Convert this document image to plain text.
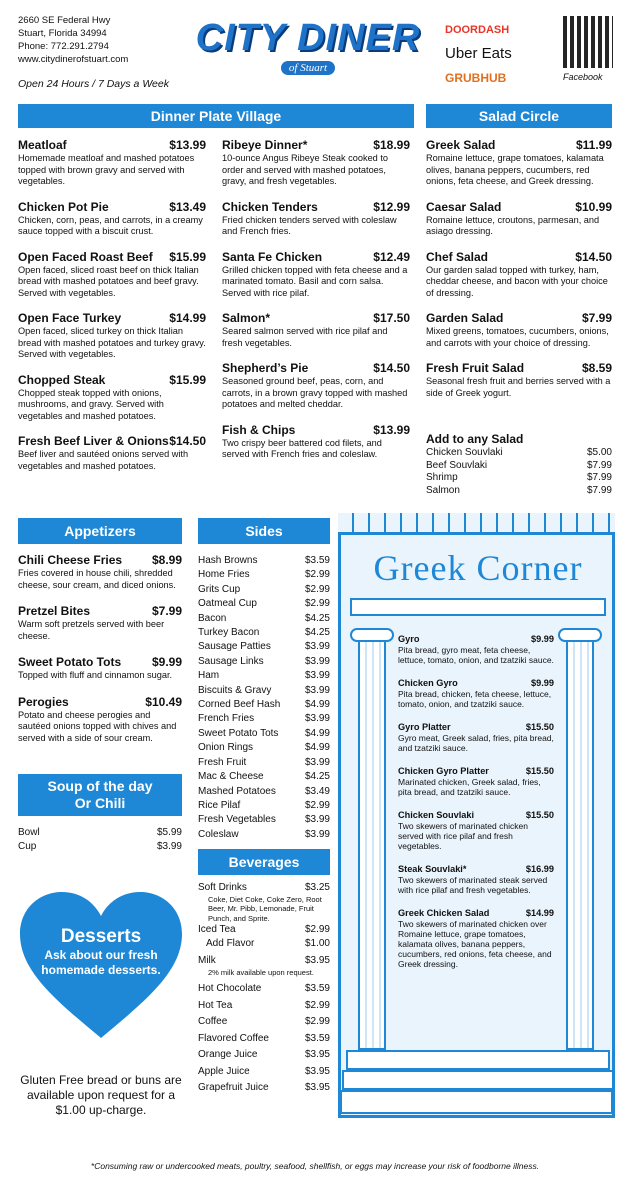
2660 SE Federal Hwy
Stuart, Florida 34994
Phone: 772.291.2794
www.citydinerofstuart.com
Open 24 Hours / 7 Days a Week
CITY DINER
of Stuart
DOORDASH
Uber Eats
GRUBHUB	Facebook
Dinner Plate Village
Meatloaf	$13.99
Homemade meatloaf and mashed potatoes topped with brown gravy and served with vegetables.
Chicken Pot Pie	$13.49
Chicken, corn, peas, and carrots, in a creamy sauce topped with a biscuit crust.
Open Faced Roast Beef $15.99
Open faced, sliced roast beef on thick Italian bread with mashed potatoes and beef gravy. Served with vegetables.
Open Face Turkey	$14.99
Open faced, sliced turkey on thick Italian bread with mashed potatoes and turkey gravy. Served with vegetables.
Chopped Steak	$15.99
Chopped steak topped with onions, mushrooms, and gravy. Served with vegetables and mashed potatoes.
Fresh Beef Liver & Onions $14.50
Beef liver and sautéed onions served with vegetables and mashed potatoes.
Ribeye Dinner*	$18.99
10-ounce Angus Ribeye Steak cooked to order and served with mashed potatoes, gravy, and fresh vegetables.
Chicken Tenders	$12.99
Fried chicken tenders served with coleslaw and French fries.
Santa Fe Chicken	$12.49
Grilled chicken topped with feta cheese and a marinated tomato. Basil and corn salsa. Served with rice pilaf.
Salmon*	$17.50
Seared salmon served with rice pilaf and fresh vegetables.
Shepherd’s Pie	$14.50
Seasoned ground beef, peas, corn, and carrots, in a brown gravy topped with mashed potatoes and melted cheddar.
Fish & Chips	$13.99
Two crispy beer battered cod filets, and served with French fries and coleslaw.
Salad Circle
Greek Salad	$11.99
Romaine lettuce, grape tomatoes, kalamata olives, banana peppers, cucumbers, red onions, feta cheese, and Greek dressing.
Caesar Salad	$10.99
Romaine lettuce, croutons, parmesan, and asiago dressing.
Chef Salad	$14.50
Our garden salad topped with turkey, ham, cheddar cheese, and bacon with your choice of dressing.
Garden Salad	$7.99
Mixed greens, tomatoes, cucumbers, onions, and carrots with your choice of dressing.
Fresh Fruit Salad	$8.59
Seasonal fresh fruit and berries served with a side of Greek yogurt.
Add to any Salad
Chicken Souvlaki	$5.00
Beef Souvlaki	$7.99
Shrimp	$7.99
Salmon	$7.99
Appetizers
Chili Cheese Fries $8.99
Fries covered in house chili, shredded cheese, sour cream, and diced onions.
Pretzel Bites	$7.99
Warm soft pretzels served with beer cheese.
Sweet Potato Tots	$9.99
Topped with fluff and cinnamon sugar.
Perogies	$10.49
Potato and cheese perogies and sautéed onions topped with chives and served with a side of sour cream.
Soup of the day
Or Chili
Bowl	$5.99
Cup	$3.99
Sides
Hash Browns	$3.59
Home Fries	$2.99
Grits Cup	$2.99
Oatmeal Cup	$2.99
Bacon	$4.25
Turkey Bacon	$4.25
Sausage Patties	$3.99
Sausage Links	$3.99
Ham	$3.99
Biscuits & Gravy	$3.99
Corned Beef Hash $4.99
French Fries	$3.99
Sweet Potato Tots	$4.99
Onion Rings	$4.99
Fresh Fruit	$3.99
Mac & Cheese	$4.25
Mashed Potatoes	$3.49
Rice Pilaf	$2.99
Fresh Vegetables	$3.99
Coleslaw	$3.99
Beverages
Soft Drinks	$3.25
Coke, Diet Coke, Coke Zero, Root Beer, Mr. Pibb, Lemonade, Fruit Punch, and Sprite.
Iced Tea	$2.99
Add Flavor	$1.00
Milk	$3.95
2% milk available upon request.
Hot Chocolate	$3.59
Hot Tea	$2.99
Coffee	$2.99
Flavored Coffee	$3.59
Orange Juice	$3.95
Apple Juice	$3.95
Grapefruit Juice	$3.95
Desserts
Ask about our fresh homemade desserts.
Gluten Free bread or buns are available upon request for a $1.00 up-charge.
Greek Corner
Gyro	$9.99
Pita bread, gyro meat, feta cheese, lettuce, tomato, onion, and tzatziki sauce.
Chicken Gyro	$9.99
Pita bread, chicken, feta cheese, lettuce, tomato, onion, and tzatziki sauce.
Gyro Platter	$15.50
Gyro meat, Greek salad, fries, pita bread, and tzatziki sauce.
Chicken Gyro Platter	$15.50
Marinated chicken, Greek salad, fries, pita bread, and tzatziki sauce.
Chicken Souvlaki	$15.50
Two skewers of marinated chicken served with rice pilaf and fresh vegetables.
Steak Souvlaki*	$16.99
Two skewers of marinated steak served with rice pilaf and fresh vegetables.
Greek Chicken Salad	$14.99
Two skewers of marinated chicken over Romaine lettuce, grape tomatoes, kalamata olives, banana peppers, cucumbers, red onions, feta cheese, and Greek dressing.
*Consuming raw or undercooked meats, poultry, seafood, shellfish, or eggs may increase your risk of foodborne illness.
